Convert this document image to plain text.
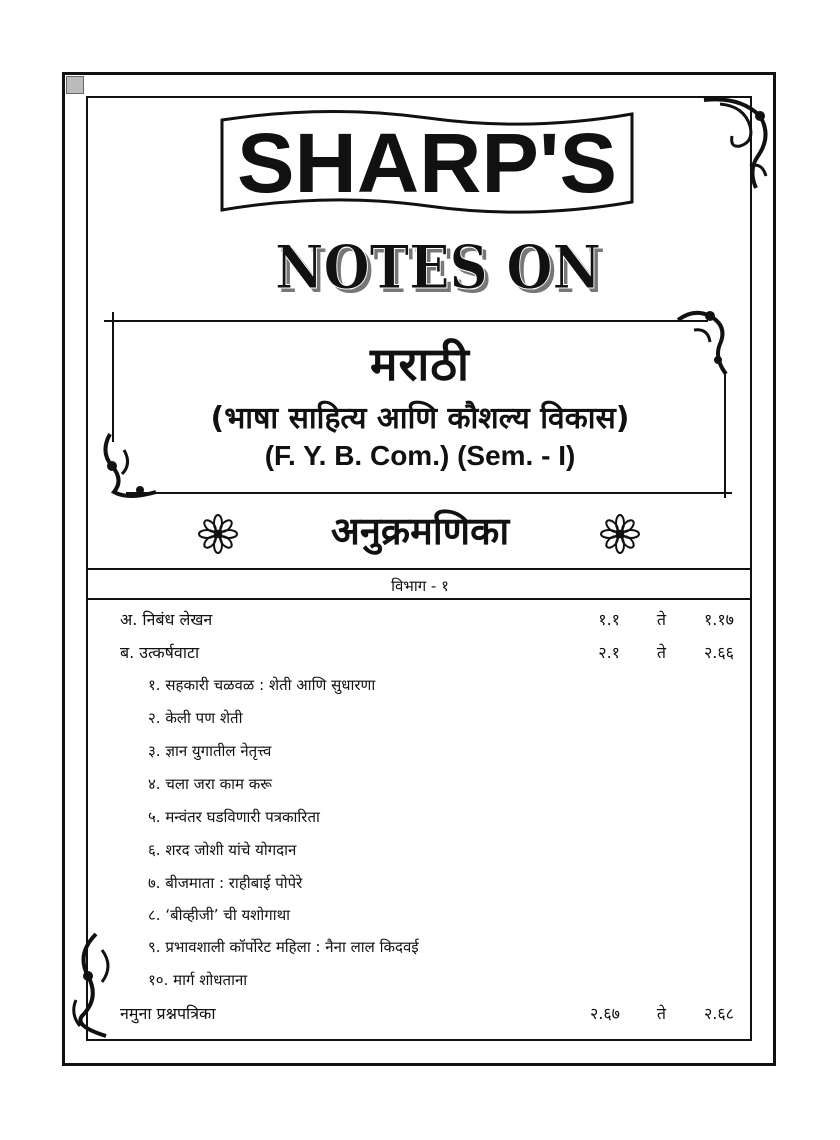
SHARP'S
NOTES ON
NOTES ON
मराठी
(भाषा साहित्य आणि कौशल्य विकास)
(F. Y. B. Com.) (Sem. - I)
अनुक्रमणिका
विभाग - १
अ. निबंध लेखन	१.१ ते १.१७
ब. उत्कर्षवाटा	२.१ ते २.६६
१. सहकारी चळवळ : शेती आणि सुधारणा
२. केली पण शेती
३. ज्ञान युगातील नेतृत्त्व
४. चला जरा काम करू
५. मन्वंतर घडविणारी पत्रकारिता
६. शरद जोशी यांचे योगदान
७. बीजमाता : राहीबाई पोपेरे
८. ‘बीव्हीजी’ ची यशोगाथा
९. प्रभावशाली कॉर्पोरेट महिला : नैना लाल किदवई
१०. मार्ग शोधताना
नमुना प्रश्नपत्रिका	२.६७ ते २.६८
